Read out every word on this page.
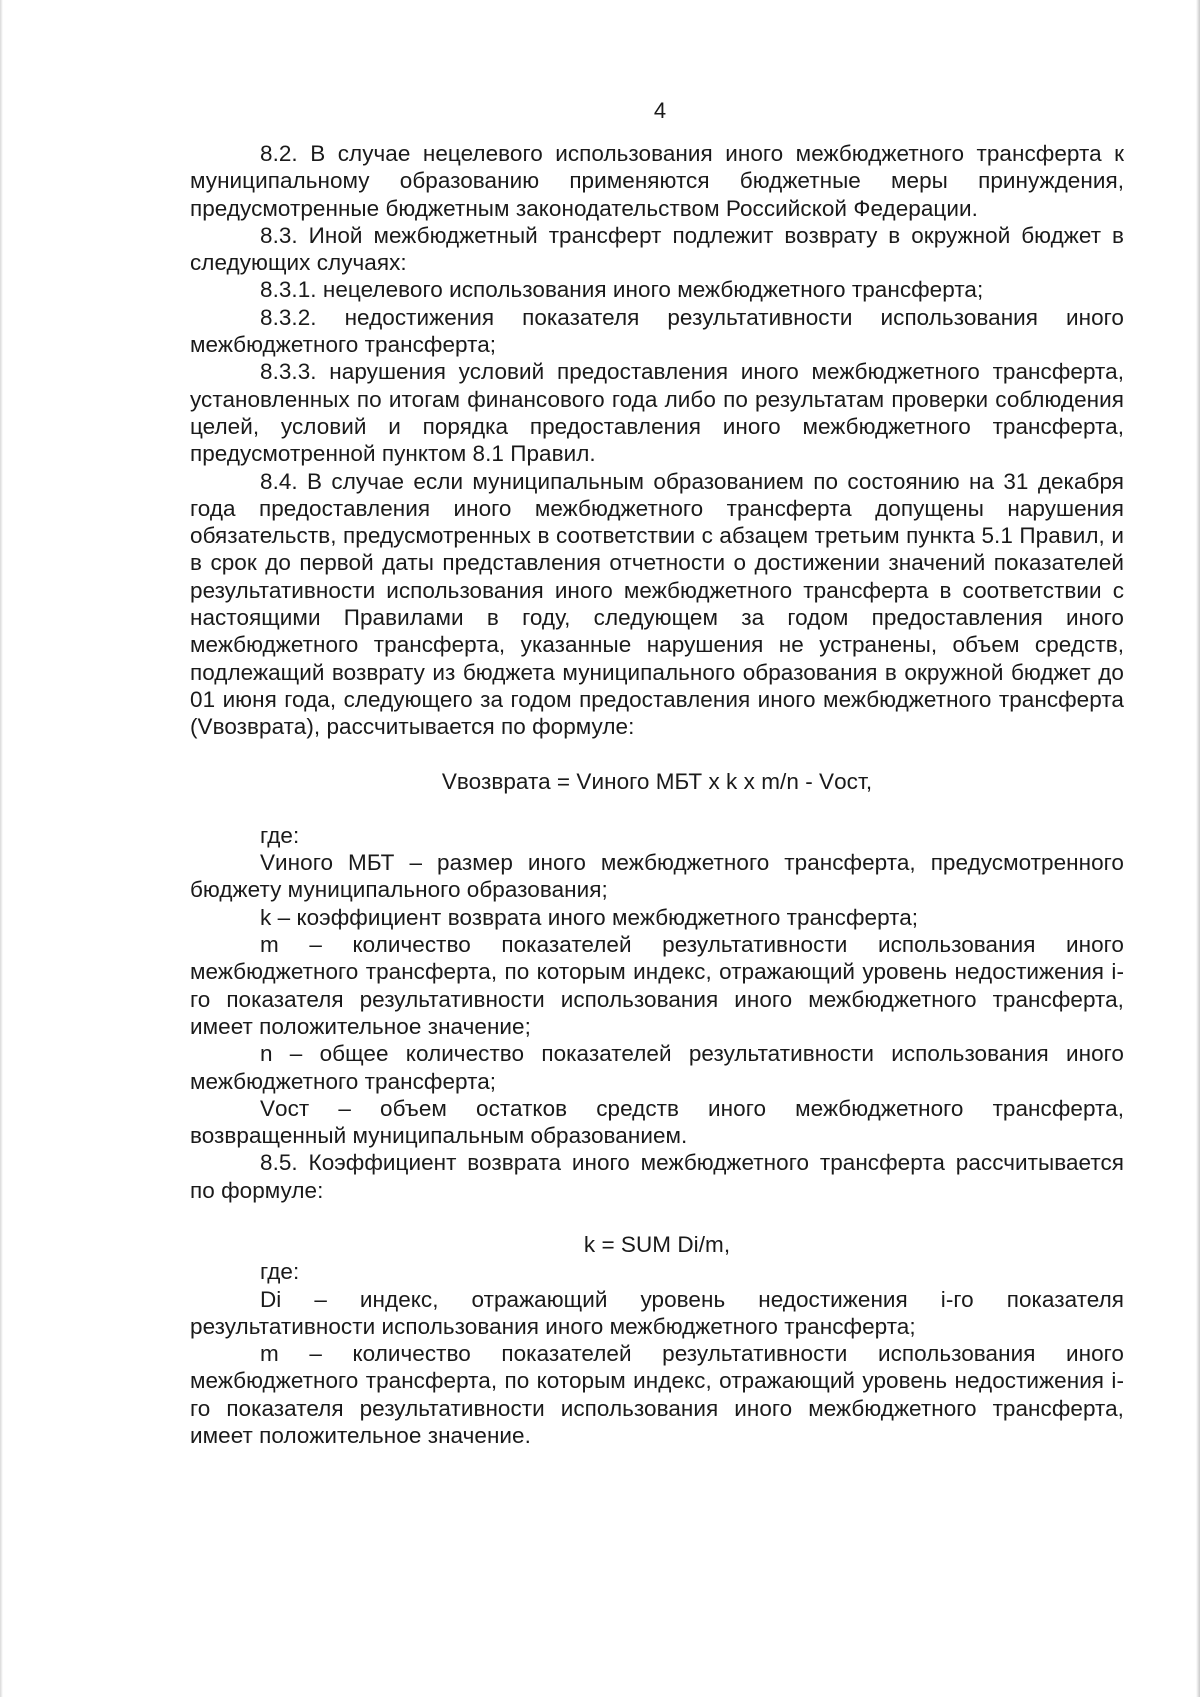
4

8.2. В случае нецелевого использования иного межбюджетного трансферта к муниципальному образованию применяются бюджетные меры принуждения, предусмотренные бюджетным законодательством Российской Федерации.

8.3. Иной межбюджетный трансферт подлежит возврату в окружной бюджет в следующих случаях:

8.3.1. нецелевого использования иного межбюджетного трансферта;

8.3.2. недостижения показателя результативности использования иного межбюджетного трансферта;

8.3.3. нарушения условий предоставления иного межбюджетного трансферта, установленных по итогам финансового года либо по результатам проверки соблюдения целей, условий и порядка предоставления иного межбюджетного трансферта, предусмотренной пунктом 8.1 Правил.

8.4. В случае если муниципальным образованием по состоянию на 31 декабря года предоставления иного межбюджетного трансферта допущены нарушения обязательств, предусмотренных в соответствии с абзацем третьим пункта 5.1 Правил, и в срок до первой даты представления отчетности о достижении значений показателей результативности использования иного межбюджетного трансферта в соответствии с настоящими Правилами в году, следующем за годом предоставления иного межбюджетного трансферта, указанные нарушения не устранены, объем средств, подлежащий возврату из бюджета муниципального образования в окружной бюджет до 01 июня года, следующего за годом предоставления иного межбюджетного трансферта (Vвозврата), рассчитывается по формуле:

Vвозврата = Vиного МБТ x k x m/n - Vост,

где:

Vиного МБТ – размер иного межбюджетного трансферта, предусмотренного бюджету муниципального образования;

k – коэффициент возврата иного межбюджетного трансферта;

m – количество показателей результативности использования иного межбюджетного трансферта, по которым индекс, отражающий уровень недостижения i-го показателя результативности использования иного межбюджетного трансферта, имеет положительное значение;

n – общее количество показателей результативности использования иного межбюджетного трансферта;

Vост – объем остатков средств иного межбюджетного трансферта, возвращенный муниципальным образованием.

8.5. Коэффициент возврата иного межбюджетного трансферта рассчитывается по формуле:

k = SUM Di/m,

где:

Di – индекс, отражающий уровень недостижения i-го показателя результативности использования иного межбюджетного трансферта;

m – количество показателей результативности использования иного межбюджетного трансферта, по которым индекс, отражающий уровень недостижения i-го показателя результативности использования иного межбюджетного трансферта, имеет положительное значение.
